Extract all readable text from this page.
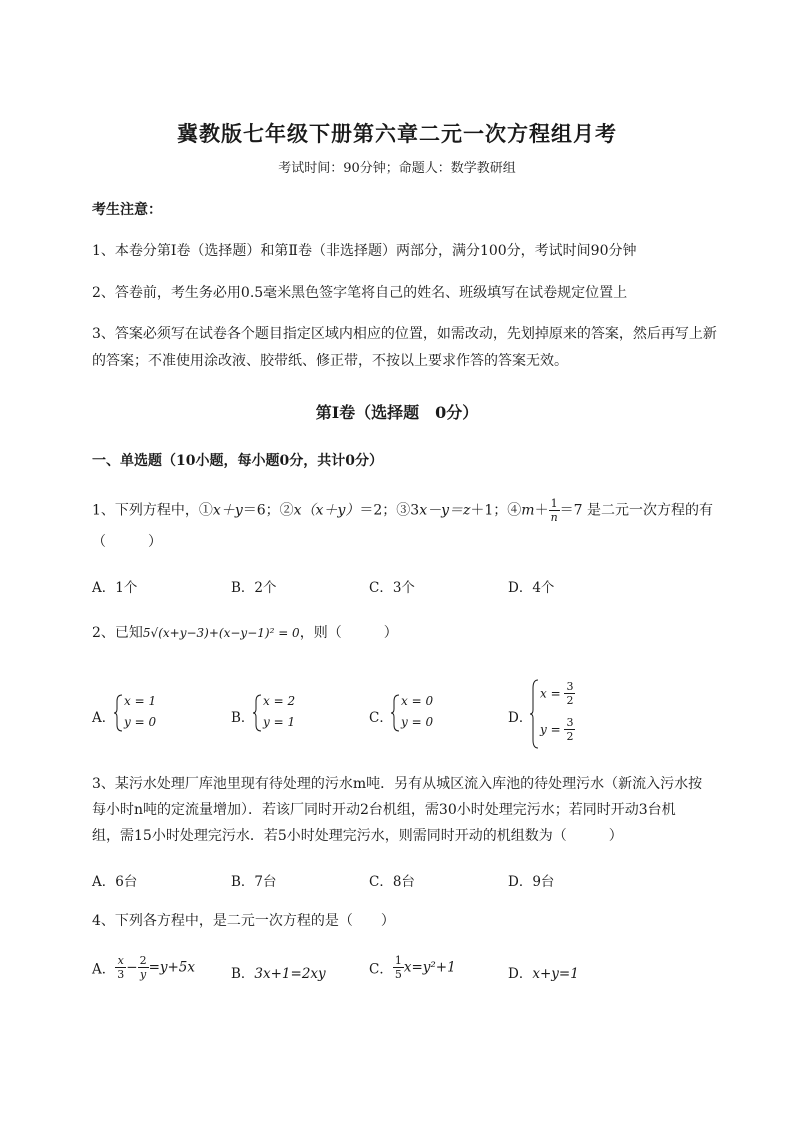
冀教版七年级下册第六章二元一次方程组月考
考试时间：90分钟；命题人：数学教研组
考生注意：
1、本卷分第I卷（选择题）和第Ⅱ卷（非选择题）两部分，满分100分，考试时间90分钟
2、答卷前，考生务必用0.5毫米黑色签字笔将自己的姓名、班级填写在试卷规定位置上
3、答案必须写在试卷各个题目指定区域内相应的位置，如需改动，先划掉原来的答案，然后再写上新
的答案；不准使用涂改液、胶带纸、修正带，不按以上要求作答的答案无效。
第I卷（选择题　0分）
一、单选题（10小题，每小题0分，共计0分）
1、下列方程中，①x＋y＝6；②x（x＋y）＝2；③3x－y＝z＋1；④m＋ $\frac{1}{n} =7$ 是二元一次方程的有
（　　　）
A．1个	B．2个	C．3个	D．4个
2、已知5√(x+y−3)+(x−y−1)² = 0，则（　　　）
A．
x = 1
y = 0	B．
x = 2
y = 1	C．
x = 0
y = 0	D．
$x = \frac{3}{2}$
$y = \frac{3}{2}$
3、某污水处理厂库池里现有待处理的污水m吨．另有从城区流入库池的待处理污水（新流入污水按
每小时n吨的定流量增加）．若该厂同时开动2台机组，需30小时处理完污水；若同时开动3台机
组，需15小时处理完污水．若5小时处理完污水，则需同时开动的机组数为（　　　）
A．6台	B．7台	C．8台	D．9台
4、下列各方程中，是二元一次方程的是（　　）
A． $\frac{x}{3} - \frac{2}{y} =y+5x$	B．3x+1=2xy	C． $\frac{1}{5} x=y^2+1$	D．x+y=1
